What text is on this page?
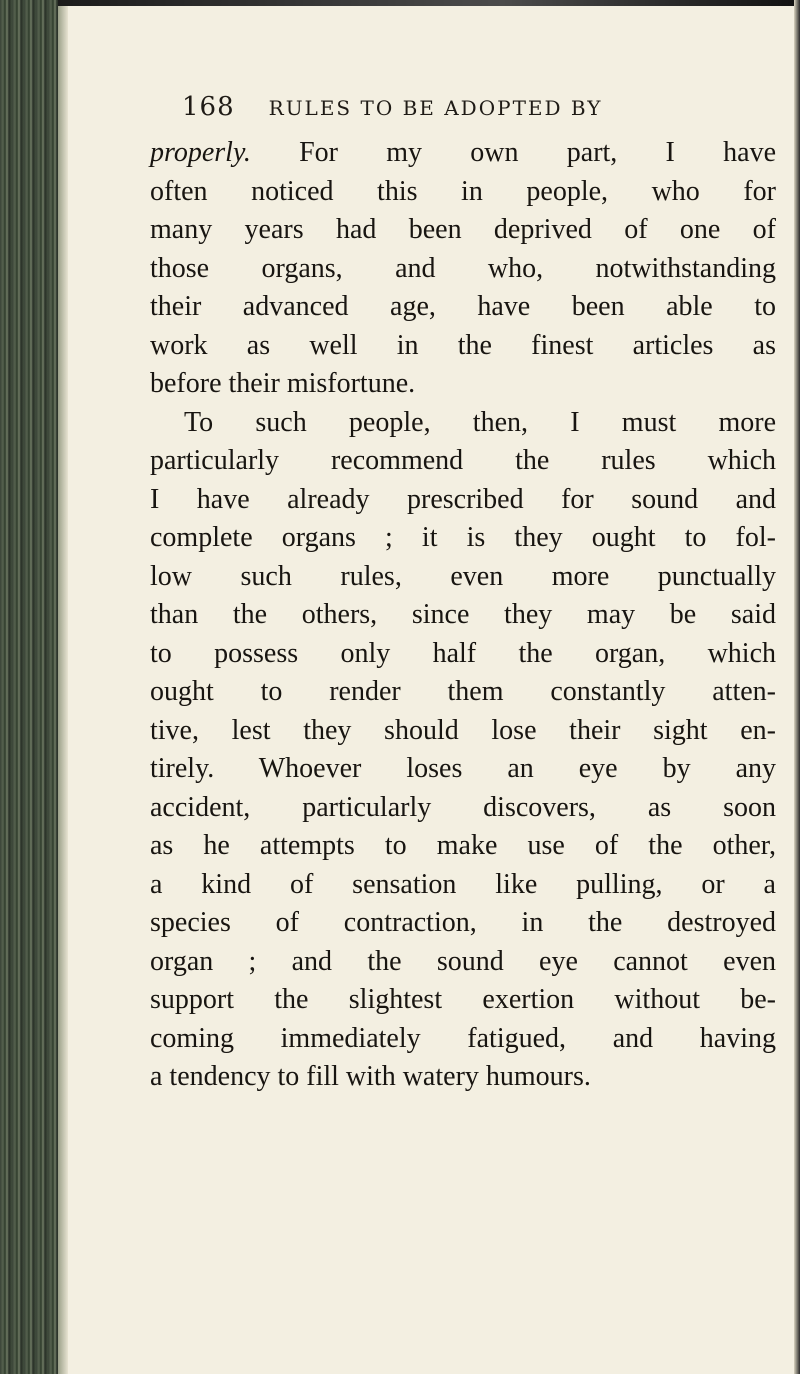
168 RULES TO BE ADOPTED BY
properly. For my own part, I have
often noticed this in people, who for
many years had been deprived of one of
those organs, and who, notwithstanding
their advanced age, have been able to
work as well in the finest articles as
before their misfortune.
To such people, then, I must more
particularly recommend the rules which
I have already prescribed for sound and
complete organs ; it is they ought to fol-
low such rules, even more punctually
than the others, since they may be said
to possess only half the organ, which
ought to render them constantly atten-
tive, lest they should lose their sight en-
tirely. Whoever loses an eye by any
accident, particularly discovers, as soon
as he attempts to make use of the other,
a kind of sensation like pulling, or a
species of contraction, in the destroyed
organ ; and the sound eye cannot even
support the slightest exertion without be-
coming immediately fatigued, and having
a tendency to fill with watery humours.
